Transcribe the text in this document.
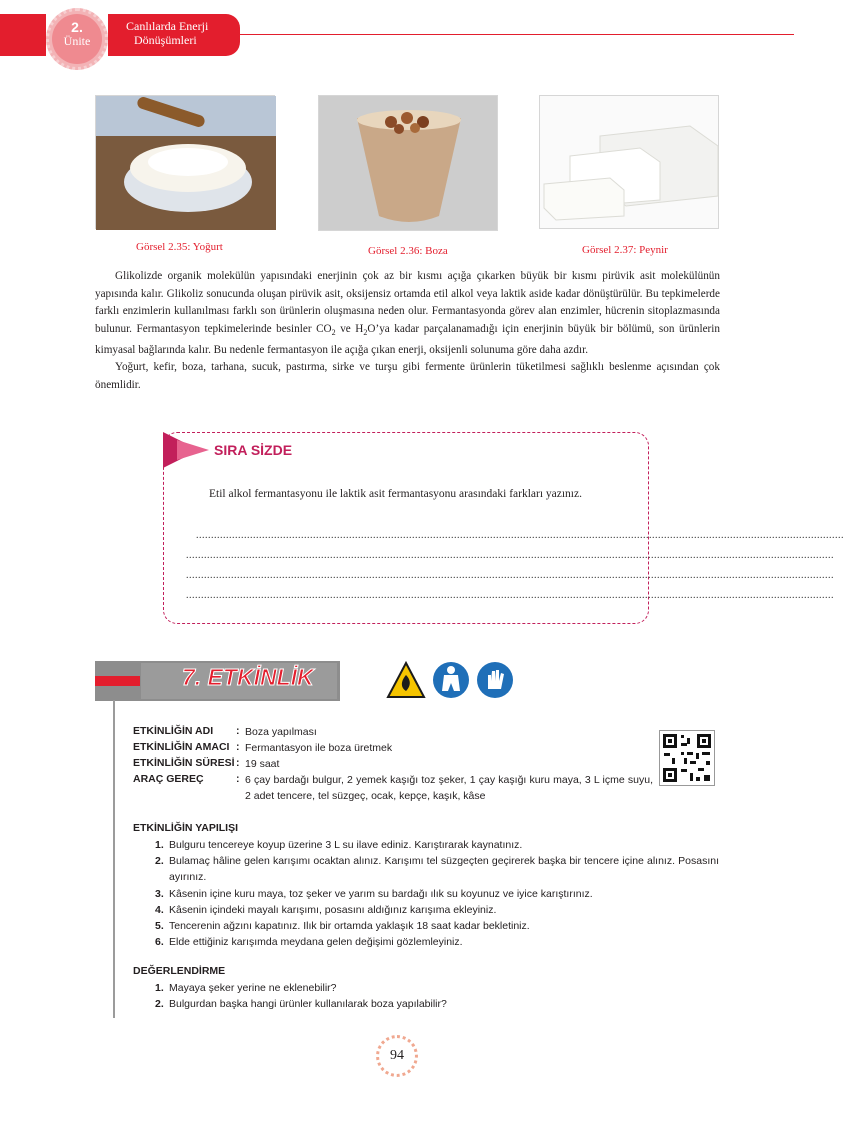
2.
Ünite
Canlılarda Enerji
Dönüşümleri
Görsel 2.35: Yoğurt	Görsel 2.36: Boza	Görsel 2.37: Peynir

Glikolizde organik molekülün yapısındaki enerjinin çok az bir kısmı açığa çıkarken büyük bir kısmı pirüvik asit molekülünün yapısında kalır. Glikoliz sonucunda oluşan pirüvik asit, oksijensiz ortamda etil alkol veya laktik aside kadar dönüştürülür. Bu tepkimelerde farklı enzimlerin kullanılması farklı son ürünlerin oluşmasına neden olur. Fermantasyonda görev alan enzimler, hücrenin sitoplazmasında bulunur. Fermantasyon tepkimelerinde besinler $CO_2$ ve $H_2O’ya$ kadar parçalanamadığı için enerjinin büyük bir bölümü, son ürünlerin kimyasal bağlarında kalır. Bu nedenle fermantasyon ile açığa çıkan enerji, oksijenli solunuma göre daha azdır.

Yoğurt, kefir, boza, tarhana, sucuk, pastırma, sirke ve turşu gibi fermente ürünlerin tüketilmesi sağlıklı beslenme açısından çok önemlidir.

SIRA SİZDE
Etil alkol fermantasyonu ile laktik asit fermantasyonu arasındaki farkları yazınız.
........................................................................................................................................................................................................................
........................................................................................................................................................................................................................
........................................................................................................................................................................................................................
........................................................................................................................................................................................................................
7. ETKİNLİK
ETKİNLİĞİN ADI : Boza yapılması
ETKİNLİĞİN AMACI : Fermantasyon ile boza üretmek
ETKİNLİĞİN SÜRESİ : 19 saat
ARAÇ GEREÇ	: 6 çay bardağı bulgur, 2 yemek kaşığı toz şeker, 1 çay kaşığı kuru maya, 3 L içme suyu, 2 adet tencere, tel süzgeç, ocak, kepçe, kaşık, kâse
ETKİNLİĞİN YAPILIŞI
1. Bulguru tencereye koyup üzerine 3 L su ilave ediniz. Karıştırarak kaynatınız.
2. Bulamaç hâline gelen karışımı ocaktan alınız. Karışımı tel süzgeçten geçirerek başka bir tencere içine alınız. Posasını ayırınız.
3. Kâsenin içine kuru maya, toz şeker ve yarım su bardağı ılık su koyunuz ve iyice karıştırınız.
4. Kâsenin içindeki mayalı karışımı, posasını aldığınız karışıma ekleyiniz.
5. Tencerenin ağzını kapatınız. Ilık bir ortamda yaklaşık 18 saat kadar bekletiniz.
6. Elde ettiğiniz karışımda meydana gelen değişimi gözlemleyiniz.
DEĞERLENDİRME
1. Mayaya şeker yerine ne eklenebilir?
2. Bulgurdan başka hangi ürünler kullanılarak boza yapılabilir?
94
